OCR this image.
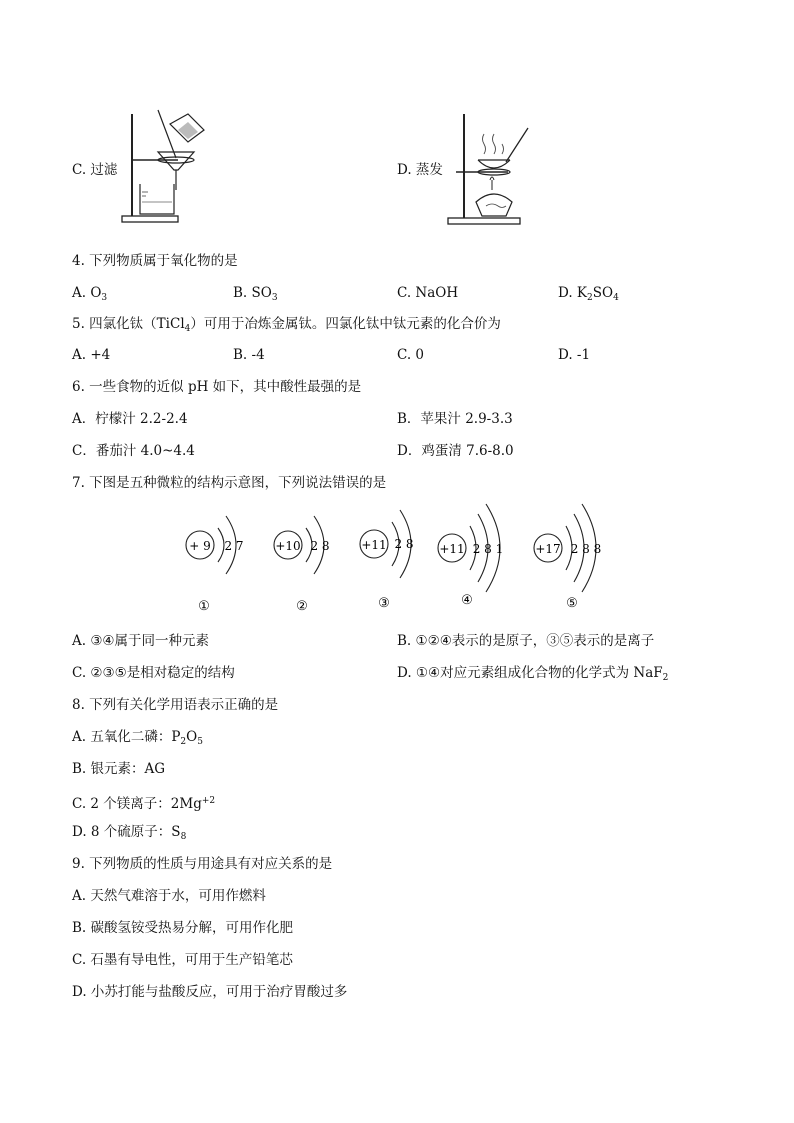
C. 过滤	D. 蒸发
4. 下列物质属于氧化物的是
A. $O_3$	B. $SO_3$	C. NaOH	D. $K_2SO_4$
5. 四氯化钛（TiCl$_4$）可用于冶炼金属钛。四氯化钛中钛元素的化合价为
A. +4	B. -4	C. 0	D. -1
6. 一些食物的近似 pH 如下，其中酸性最强的是
A．柠檬汁 2.2-2.4	B．苹果汁 2.9-3.3
C．番茄汁 4.0~4.4	D．鸡蛋清 7.6-8.0
7. 下图是五种微粒的结构示意图，下列说法错误的是
+ 9 2 7
①
+10 2 8
②
+11 2 8
③
+11 2 8 1
④
+17 2 8 8
⑤
A. ③④属于同一种元素	B. ①②④表示的是原子，③⑤表示的是离子
C. ②③⑤是相对稳定的结构	D. ①④对应元素组成化合物的化学式为 NaF$_2$
8. 下列有关化学用语表示正确的是
A. 五氧化二磷：$P_2O_5$
B. 银元素：AG
C. 2 个镁离子：$2Mg^{+2}$
D. 8 个硫原子：$S_8$
9. 下列物质的性质与用途具有对应关系的是
A. 天然气难溶于水，可用作燃料
B. 碳酸氢铵受热易分解，可用作化肥
C. 石墨有导电性，可用于生产铅笔芯
D. 小苏打能与盐酸反应，可用于治疗胃酸过多
